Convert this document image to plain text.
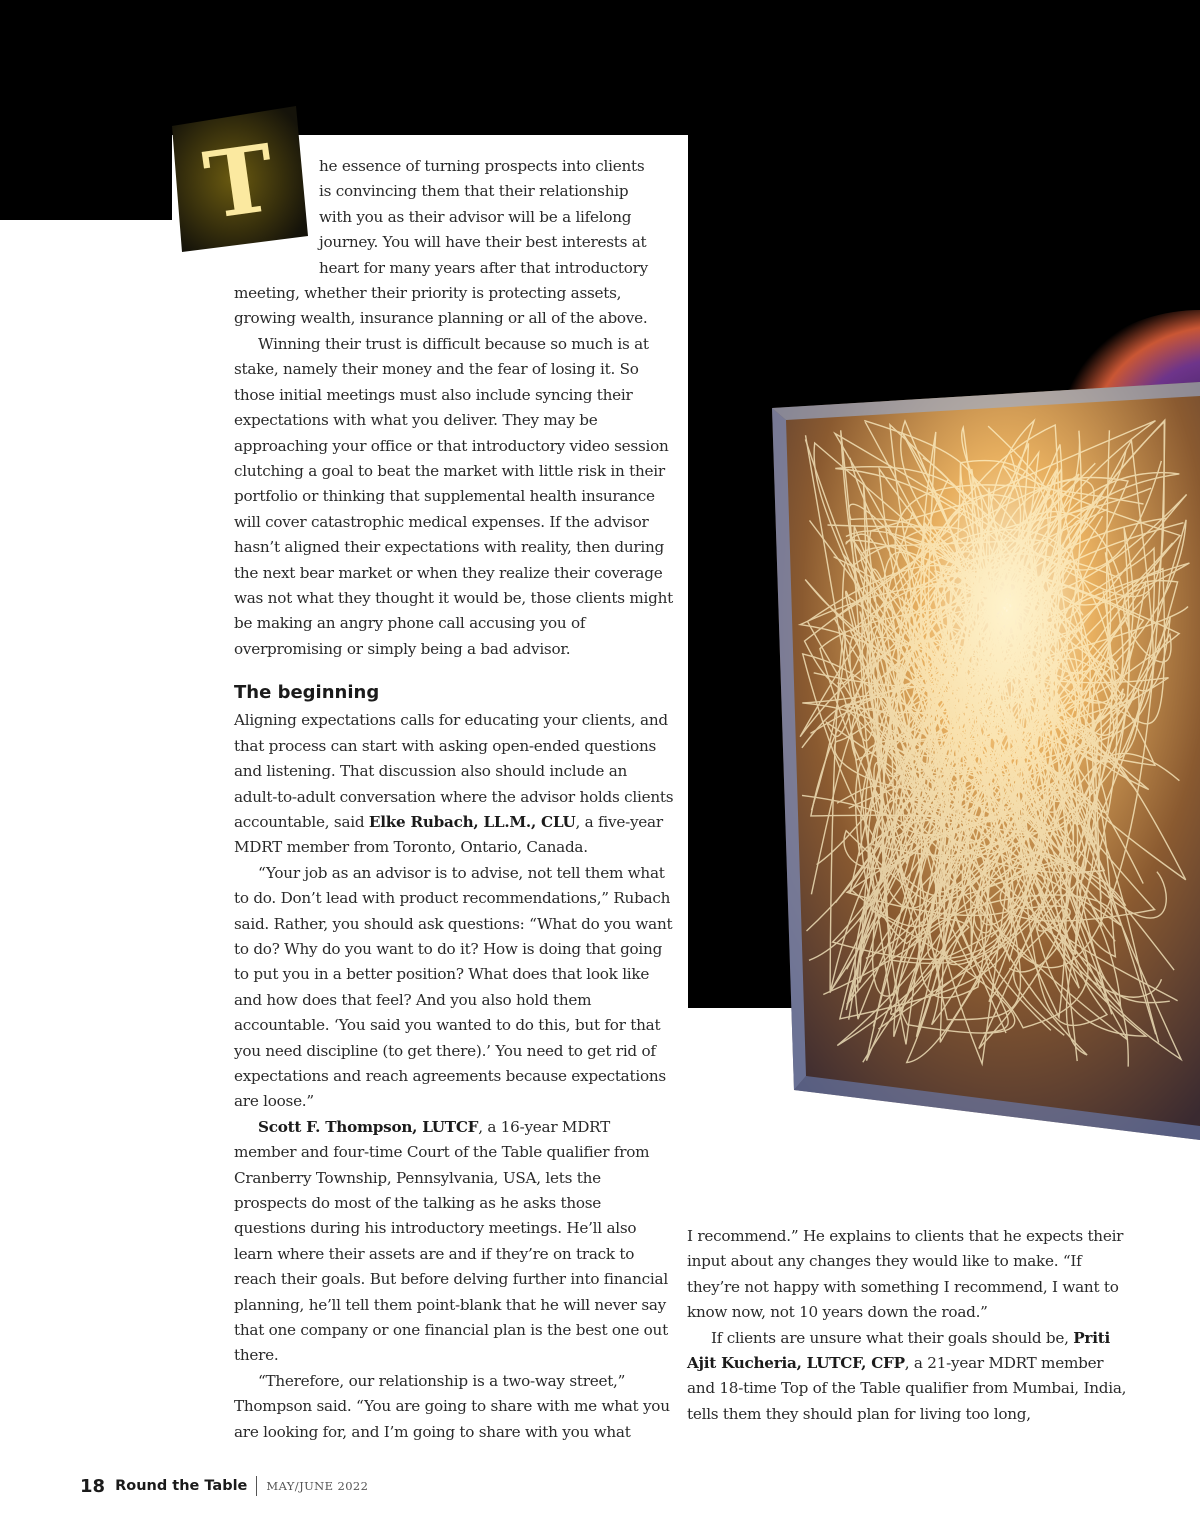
T	he essence of turning prospects into clients
is convincing them that their relationship
with you as their advisor will be a lifelong
journey. You will have their best interests at
heart for many years after that introductory
meeting, whether their priority is protecting assets,
growing wealth, insurance planning or all of the above.

Winning their trust is difficult because so much is at stake, namely their money and the fear of losing it. So those initial meetings must also include syncing their expectations with what you deliver. They may be approaching your office or that introductory video session clutching a goal to beat the market with little risk in their portfolio or thinking that supplemental health insurance will cover catastrophic medical expenses. If the advisor hasn’t aligned their expectations with reality, then during the next bear market or when they realize their coverage was not what they thought it would be, those clients might be making an angry phone call accusing you of overpromising or simply being a bad advisor.

The beginning

Aligning expectations calls for educating your clients, and that process can start with asking open-ended questions and listening. That discussion also should include an adult-to-adult conversation where the advisor holds clients accountable, said Elke Rubach, LL.M., CLU, a five-year MDRT member from Toronto, Ontario, Canada.

“Your job as an advisor is to advise, not tell them what to do. Don’t lead with product recommendations,” Rubach said. Rather, you should ask questions: “What do you want to do? Why do you want to do it? How is doing that going to put you in a better position? What does that look like and how does that feel? And you also hold them accountable. ‘You said you wanted to do this, but for that you need discipline (to get there).’ You need to get rid of expectations and reach agreements because expectations are loose.”

Scott F. Thompson, LUTCF, a 16-year MDRT member and four-time Court of the Table qualifier from Cranberry Township, Pennsylvania, USA, lets the prospects do most of the talking as he asks those questions during his introductory meetings. He’ll also learn where their assets are and if they’re on track to reach their goals. But before delving further into financial planning, he’ll tell them point-blank that he will never say that one company or one financial plan is the best one out there.

“Therefore, our relationship is a two-way street,” Thompson said. “You are going to share with me what you are looking for, and I’m going to share with you what

I recommend.” He explains to clients that he expects their input about any changes they would like to make. “If they’re not happy with something I recommend, I want to know now, not 10 years down the road.”

If clients are unsure what their goals should be, Priti Ajit Kucheria, LUTCF, CFP, a 21-year MDRT member and 18-time Top of the Table qualifier from Mumbai, India, tells them they should plan for living too long,

18 Round the Table MAY/JUNE 2022
